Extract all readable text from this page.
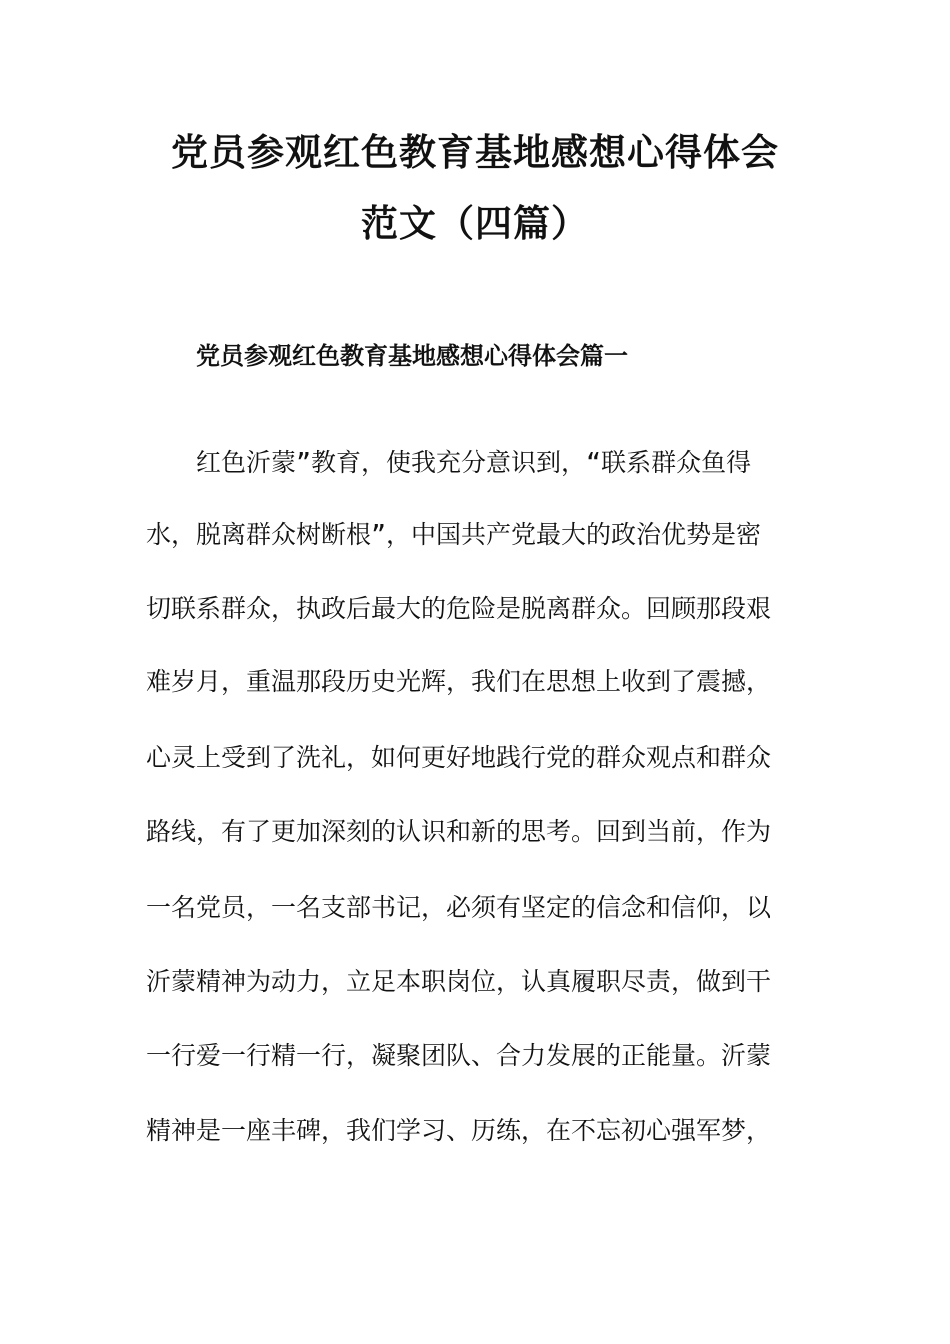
党员参观红色教育基地感想心得体会
范文（四篇）
党员参观红色教育基地感想心得体会篇一
红色沂蒙”教育，使我充分意识到，“联系群众鱼得
水，脱离群众树断根”，中国共产党最大的政治优势是密
切联系群众，执政后最大的危险是脱离群众。回顾那段艰
难岁月，重温那段历史光辉，我们在思想上收到了震撼，
心灵上受到了洗礼，如何更好地践行党的群众观点和群众
路线，有了更加深刻的认识和新的思考。回到当前，作为
一名党员，一名支部书记，必须有坚定的信念和信仰，以
沂蒙精神为动力，立足本职岗位，认真履职尽责，做到干
一行爱一行精一行，凝聚团队、合力发展的正能量。沂蒙
精神是一座丰碑，我们学习、历练，在不忘初心强军梦，
